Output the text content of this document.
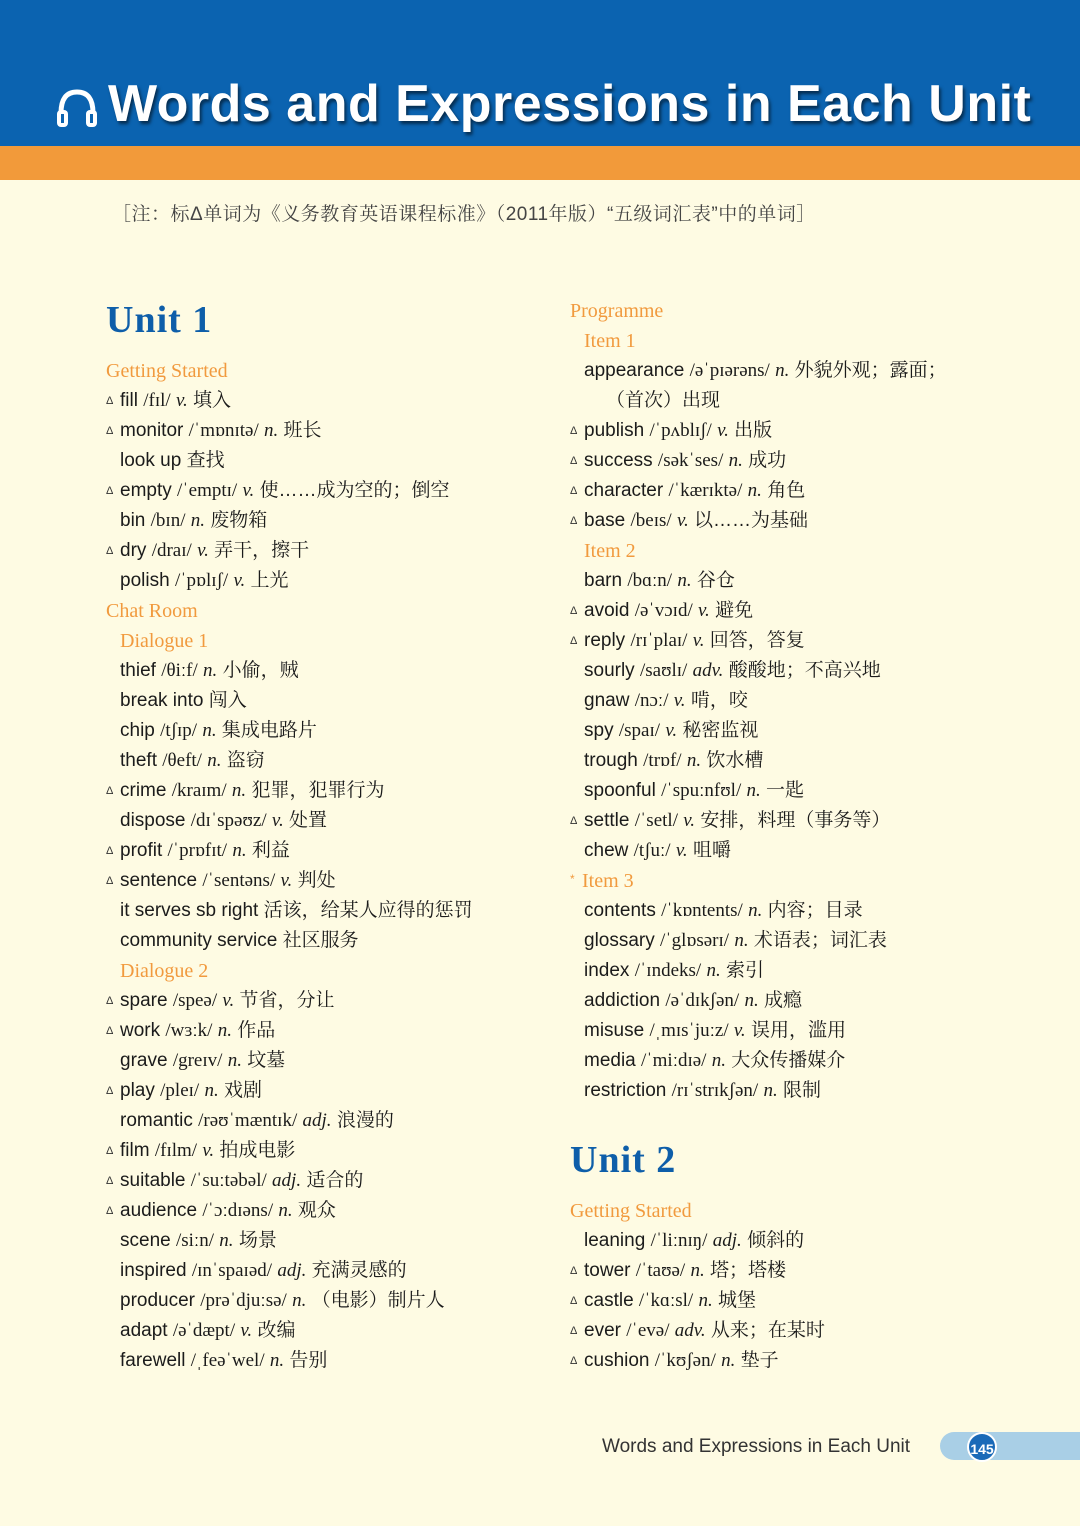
Words and Expressions in Each Unit
［注：标Δ单词为《义务教育英语课程标准》（2011年版）“五级词汇表”中的单词］
Unit 1
Getting Started
Δ fill /fɪl/ v. 填入
Δ monitor /ˈmɒnɪtə/ n. 班长
look up 查找
Δ empty /ˈemptɪ/ v. 使……成为空的；倒空
bin /bɪn/ n. 废物箱
Δ dry /draɪ/ v. 弄干，擦干
polish /ˈpɒlɪʃ/ v. 上光
Chat Room
Dialogue 1
thief /θiːf/ n. 小偷，贼
break into 闯入
chip /tʃɪp/ n. 集成电路片
theft /θeft/ n. 盗窃
Δ crime /kraɪm/ n. 犯罪，犯罪行为
dispose /dɪˈspəʊz/ v. 处置
Δ profit /ˈprɒfɪt/ n. 利益
Δ sentence /ˈsentəns/ v. 判处
it serves sb right 活该，给某人应得的惩罚
community service 社区服务
Dialogue 2
Δ spare /speə/ v. 节省，分让
Δ work /wɜːk/ n. 作品
grave /greɪv/ n. 坟墓
Δ play /pleɪ/ n. 戏剧
romantic /rəʊˈmæntɪk/ adj. 浪漫的
Δ film /fɪlm/ v. 拍成电影
Δ suitable /ˈsuːtəbəl/ adj. 适合的
Δ audience /ˈɔːdɪəns/ n. 观众
scene /siːn/ n. 场景
inspired /ɪnˈspaɪəd/ adj. 充满灵感的
producer /prəˈdjuːsə/ n. （电影）制片人
adapt /əˈdæpt/ v. 改编
farewell /ˌfeəˈwel/ n. 告别
Programme
Item 1
appearance /əˈpɪərəns/ n. 外貌外观；露面；
（首次）出现
Δ publish /ˈpʌblɪʃ/ v. 出版
Δ success /səkˈses/ n. 成功
Δ character /ˈkærɪktə/ n. 角色
Δ base /beɪs/ v. 以……为基础
Item 2
barn /bɑːn/ n. 谷仓
Δ avoid /əˈvɔɪd/ v. 避免
Δ reply /rɪˈplaɪ/ v. 回答，答复
sourly /saʊlɪ/ adv. 酸酸地；不高兴地
gnaw /nɔː/ v. 啃，咬
spy /spaɪ/ v. 秘密监视
trough /trɒf/ n. 饮水槽
spoonful /ˈspuːnfʊl/ n. 一匙
Δ settle /ˈsetl/ v. 安排，料理（事务等）
chew /tʃuː/ v. 咀嚼
* Item 3
contents /ˈkɒntents/ n. 内容；目录
glossary /ˈglɒsərɪ/ n. 术语表；词汇表
index /ˈɪndeks/ n. 索引
addiction /əˈdɪkʃən/ n. 成瘾
misuse /ˌmɪsˈjuːz/ v. 误用，滥用
media /ˈmiːdɪə/ n. 大众传播媒介
restriction /rɪˈstrɪkʃən/ n. 限制
Unit 2
Getting Started
leaning /ˈliːnɪŋ/ adj. 倾斜的
Δ tower /ˈtaʊə/ n. 塔；塔楼
Δ castle /ˈkɑːsl/ n. 城堡
Δ ever /ˈevə/ adv. 从来；在某时
Δ cushion /ˈkʊʃən/ n. 垫子
Words and Expressions in Each Unit	145
